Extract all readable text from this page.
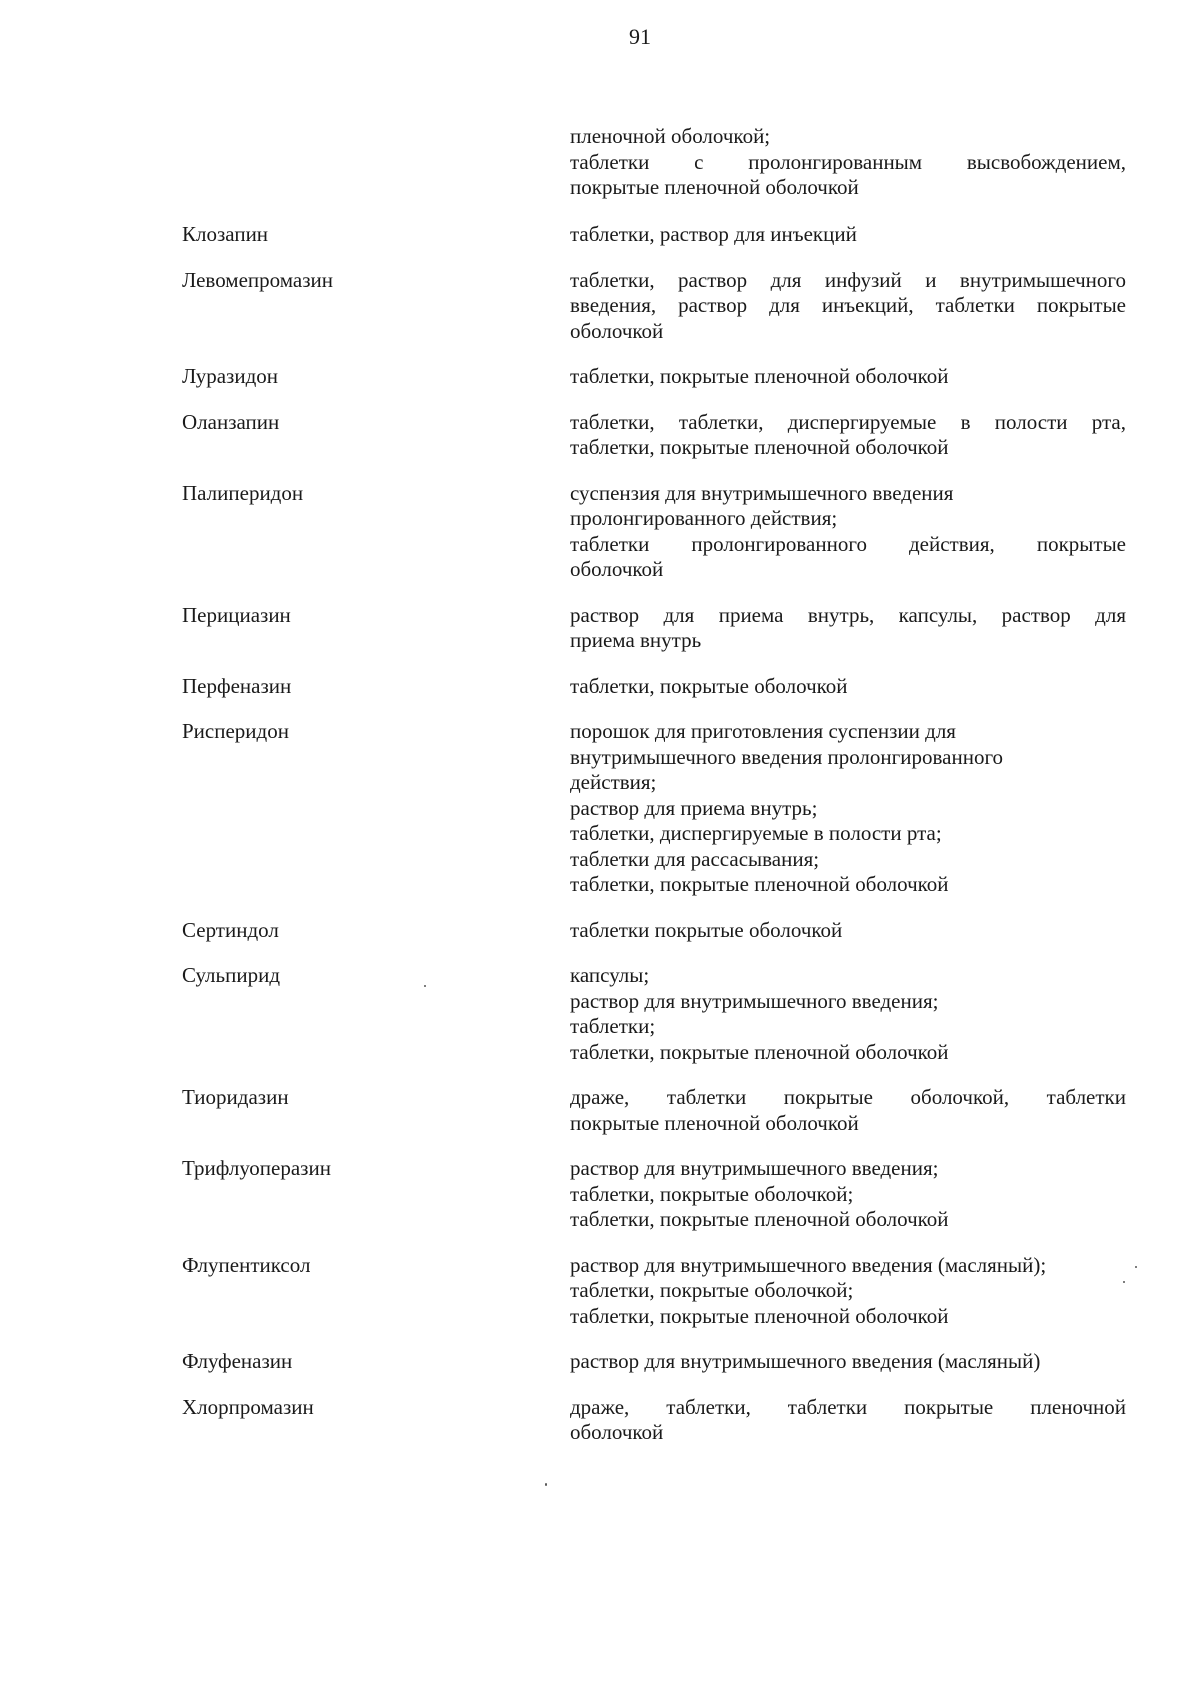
91
пленочной оболочкой;
таблетки с пролонгированным высвобождением,
покрытые пленочной оболочкой
Клозапин	таблетки, раствор для инъекций
Левомепромазин	таблетки, раствор для инфузий и внутримышечного
введения, раствор для инъекций, таблетки покрытые
оболочкой
Луразидон	таблетки, покрытые пленочной оболочкой
Оланзапин	таблетки, таблетки, диспергируемые в полости рта,
таблетки, покрытые пленочной оболочкой
Палиперидон	суспензия для внутримышечного введения
пролонгированного действия;
таблетки пролонгированного действия, покрытые
оболочкой
Перициазин	раствор для приема внутрь, капсулы, раствор для
приема внутрь
Перфеназин	таблетки, покрытые оболочкой
Рисперидон	порошок для приготовления суспензии для
внутримышечного введения пролонгированного
действия;
раствор для приема внутрь;
таблетки, диспергируемые в полости рта;
таблетки для рассасывания;
таблетки, покрытые пленочной оболочкой
Сертиндол	таблетки покрытые оболочкой
Сульпирид	капсулы;
раствор для внутримышечного введения;
таблетки;
таблетки, покрытые пленочной оболочкой
Тиоридазин	драже, таблетки покрытые оболочкой, таблетки
покрытые пленочной оболочкой
Трифлуоперазин	раствор для внутримышечного введения;
таблетки, покрытые оболочкой;
таблетки, покрытые пленочной оболочкой
Флупентиксол	раствор для внутримышечного введения (масляный);
таблетки, покрытые оболочкой;
таблетки, покрытые пленочной оболочкой
Флуфеназин	раствор для внутримышечного введения (масляный)
Хлорпромазин	драже, таблетки, таблетки покрытые пленочной
оболочкой
